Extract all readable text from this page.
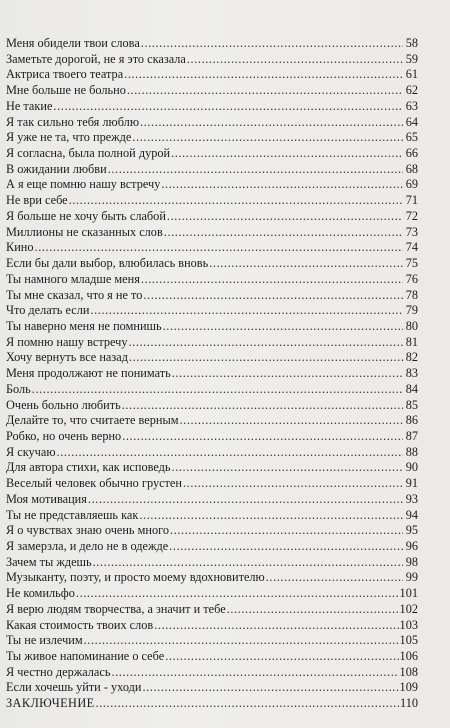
Меня обидели твои слова .....	58
Заметьте дорогой, не я это сказала .....	59
Актриса твоего театра .....	61
Мне больше не больно .....	62
Не такие .....	63
Я так сильно тебя люблю .....	64
Я уже не та, что прежде .....	65
Я согласна, была полной дурой .....	66
В ожидании любви .....	68
А я еще помню нашу встречу .....	69
Не ври себе .....	71
Я больше не хочу быть слабой .....	72
Миллионы не сказанных слов .....	73
Кино .....	74
Если бы дали выбор, влюбилась вновь .....	75
Ты намного младше меня .....	76
Ты мне сказал, что я не то .....	78
Что делать если .....	79
Ты наверно меня не помнишь .....	80
Я помню нашу встречу .....	81
Хочу вернуть все назад .....	82
Меня продолжают не понимать .....	83
Боль .....	84
Очень больно любить .....	85
Делайте то, что считаете верным .....	86
Робко, но очень верно .....	87
Я скучаю .....	88
Для автора стихи, как исповедь .....	90
Веселый человек обычно грустен .....	91
Моя мотивация .....	93
Ты не представляешь как .....	94
Я о чувствах знаю очень много .....	95
Я замерзла, и дело не в одежде .....	96
Зачем ты ждешь .....	98
Музыканту, поэту, и просто моему вдохновителю .....	99
Не комильфо .....	101
Я верю людям творчества, а значит и тебе .....	102
Какая стоимость твоих слов .....	103
Ты не излечим .....	105
Ты живое напоминание о себе .....	106
Я честно держалась .....	108
Если хочешь уйти - уходи .....	109
ЗАКЛЮЧЕНИЕ .....	110
